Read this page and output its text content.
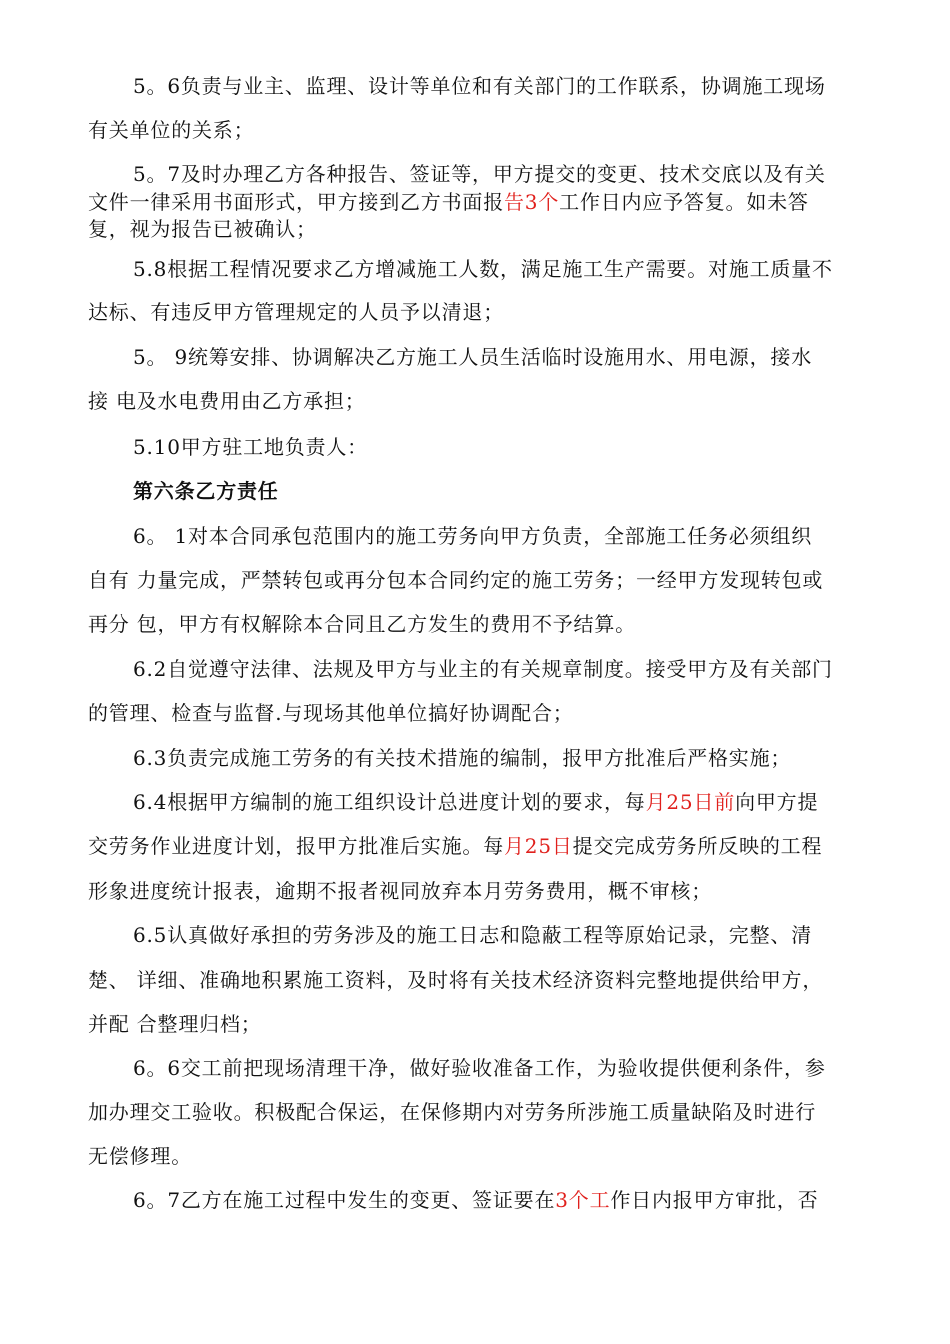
5。6负责与业主、监理、设计等单位和有关部门的工作联系，协调施工现场
有关单位的关系；
5。7及时办理乙方各种报告、签证等，甲方提交的变更、技术交底以及有关
文件一律采用书面形式，甲方接到乙方书面报告3个工作日内应予答复。如未答
复，视为报告已被确认；
5.8根据工程情况要求乙方增减施工人数，满足施工生产需要。对施工质量不
达标、有违反甲方管理规定的人员予以清退；
5。 9统筹安排、协调解决乙方施工人员生活临时设施用水、用电源，接水
接 电及水电费用由乙方承担；
5.10甲方驻工地负责人：
第六条乙方责任
6。 1对本合同承包范围内的施工劳务向甲方负责，全部施工任务必须组织
自有 力量完成，严禁转包或再分包本合同约定的施工劳务；一经甲方发现转包或
再分 包，甲方有权解除本合同且乙方发生的费用不予结算。
6.2自觉遵守法律、法规及甲方与业主的有关规章制度。接受甲方及有关部门
的管理、检查与监督.与现场其他单位搞好协调配合；
6.3负责完成施工劳务的有关技术措施的编制，报甲方批准后严格实施；
6.4根据甲方编制的施工组织设计总进度计划的要求，每月25日前向甲方提
交劳务作业进度计划，报甲方批准后实施。每月25日提交完成劳务所反映的工程
形象进度统计报表，逾期不报者视同放弃本月劳务费用，概不审核；
6.5认真做好承担的劳务涉及的施工日志和隐蔽工程等原始记录，完整、清
楚、 详细、准确地积累施工资料，及时将有关技术经济资料完整地提供给甲方，
并配 合整理归档；
6。6交工前把现场清理干净，做好验收准备工作，为验收提供便利条件，参
加办理交工验收。积极配合保运，在保修期内对劳务所涉施工质量缺陷及时进行
无偿修理。
6。7乙方在施工过程中发生的变更、签证要在3个工作日内报甲方审批，否
